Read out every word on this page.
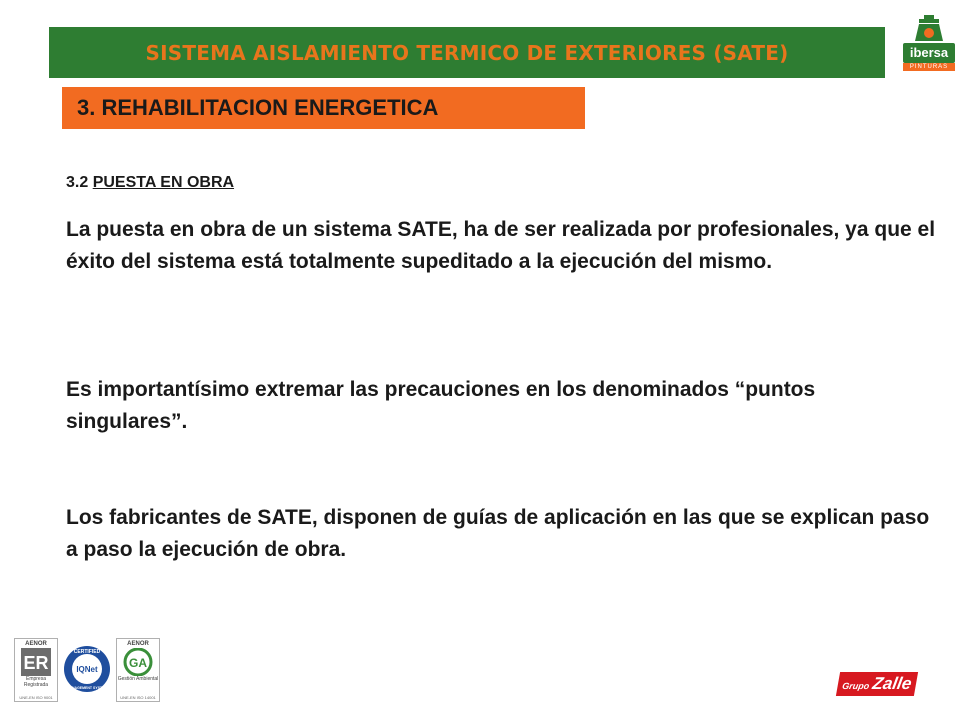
SISTEMA AISLAMIENTO TERMICO DE EXTERIORES (SATE)	ibersa
PINTURAS
3. REHABILITACION ENERGETICA
3.2 PUESTA EN OBRA

La puesta en obra de un sistema SATE, ha de ser realizada por profesionales, ya que el éxito del sistema está totalmente supeditado a la ejecución del mismo.

Es importantísimo extremar las precauciones en los denominados “puntos singulares”.

Los fabricantes de SATE, disponen de guías de aplicación en las que se explican paso a paso la ejecución de obra.

AENOR
ER
Empresa Registrada
UNE-EN ISO 9001
CERTIFIED
IQNet
MANAGEMENT SYSTEM
AENOR
GA
Gestión Ambiental
UNE-EN ISO 14001
Grupo Zalle
